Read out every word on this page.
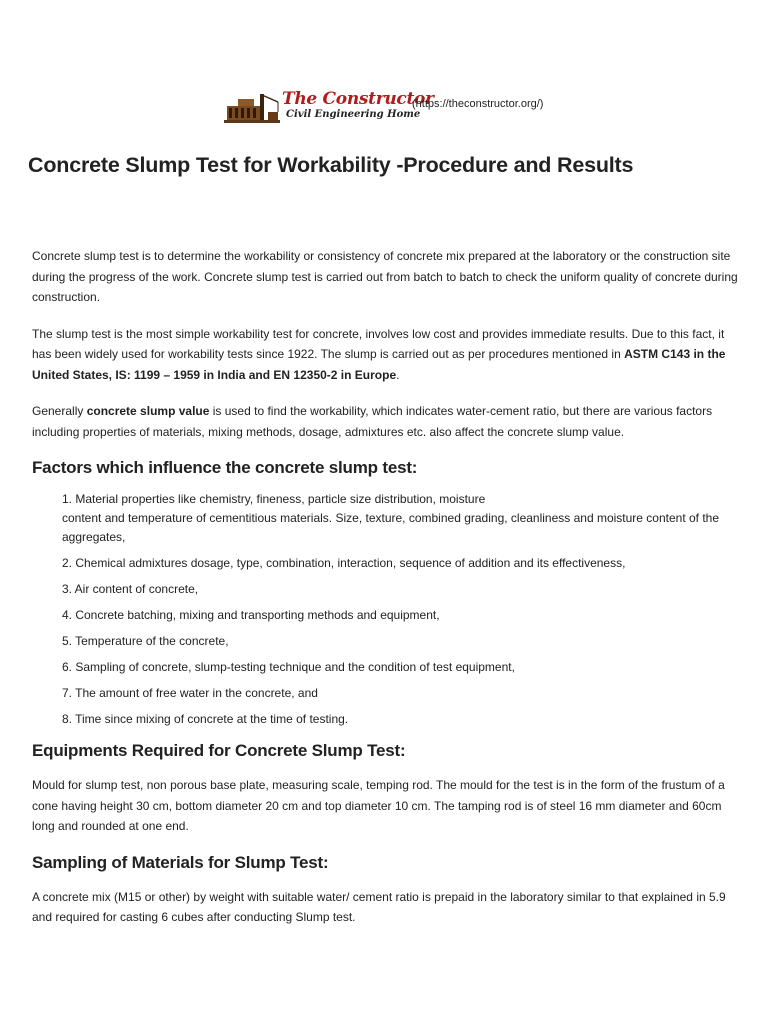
The Constructor
Civil Engineering Home
(https://theconstructor.org/)
Concrete Slump Test for Workability -Procedure and Results

Concrete slump test is to determine the workability or consistency of concrete mix prepared at the laboratory or the construction site during the progress of the work. Concrete slump test is carried out from batch to batch to check the uniform quality of concrete during construction.

The slump test is the most simple workability test for concrete, involves low cost and provides immediate results. Due to this fact, it has been widely used for workability tests since 1922. The slump is carried out as per procedures mentioned in ASTM C143 in the United States, IS: 1199 – 1959 in India and EN 12350-2 in Europe.

Generally concrete slump value is used to find the workability, which indicates water-cement ratio, but there are various factors including properties of materials, mixing methods, dosage, admixtures etc. also affect the concrete slump value.

Factors which influence the concrete slump test:
1. Material properties like chemistry, fineness, particle size distribution, moisture
content and temperature of cementitious materials. Size, texture, combined grading, cleanliness and moisture content of the aggregates,
2. Chemical admixtures dosage, type, combination, interaction, sequence of addition and its effectiveness,
3. Air content of concrete,
4. Concrete batching, mixing and transporting methods and equipment,
5. Temperature of the concrete,
6. Sampling of concrete, slump-testing technique and the condition of test equipment,
7. The amount of free water in the concrete, and
8. Time since mixing of concrete at the time of testing.
Equipments Required for Concrete Slump Test:

Mould for slump test, non porous base plate, measuring scale, temping rod. The mould for the test is in the form of the frustum of a cone having height 30 cm, bottom diameter 20 cm and top diameter 10 cm. The tamping rod is of steel 16 mm diameter and 60cm long and rounded at one end.

Sampling of Materials for Slump Test:

A concrete mix (M15 or other) by weight with suitable water/ cement ratio is prepaid in the laboratory similar to that explained in 5.9 and required for casting 6 cubes after conducting Slump test.
